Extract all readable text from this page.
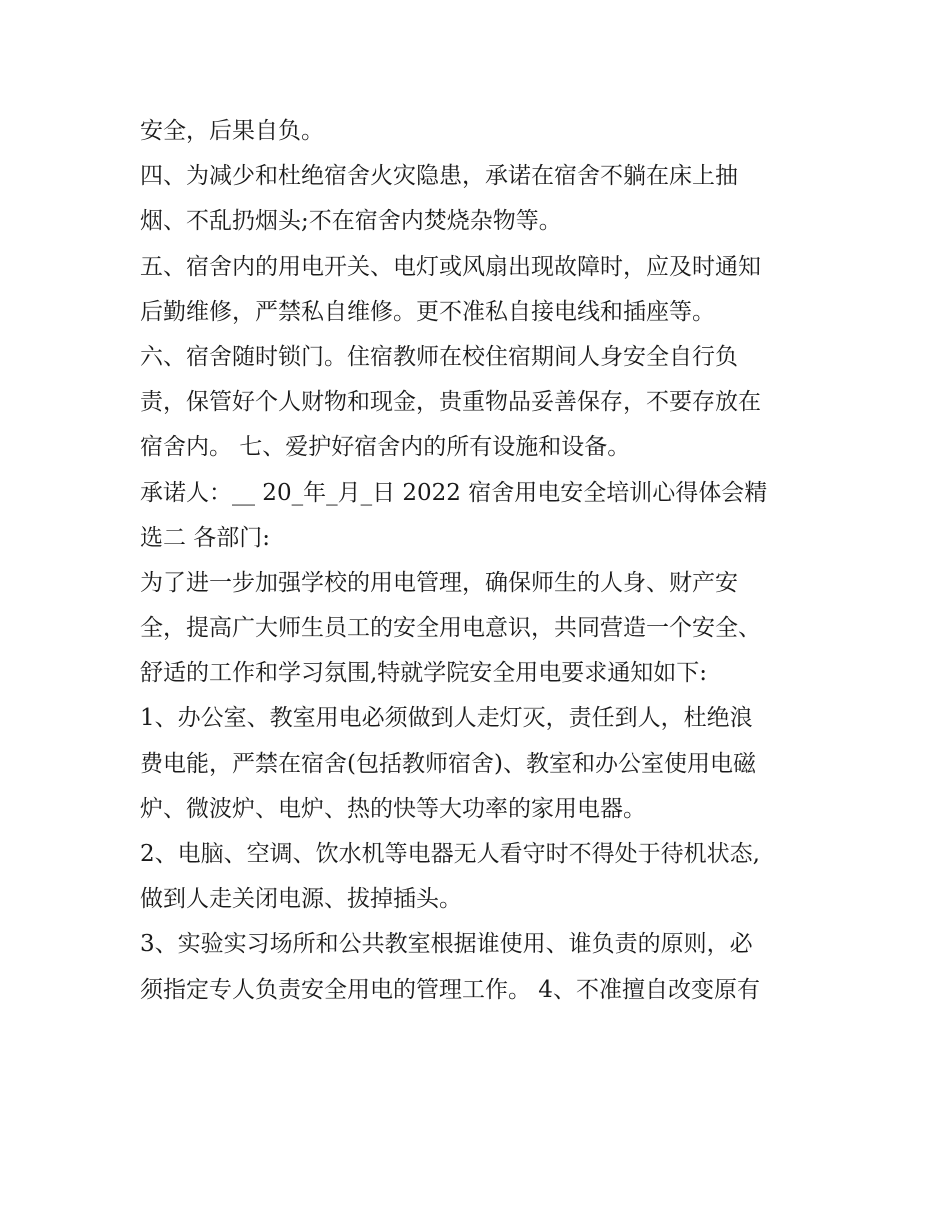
安全，后果自负。
四、为减少和杜绝宿舍火灾隐患，承诺在宿舍不躺在床上抽
烟、不乱扔烟头;不在宿舍内焚烧杂物等。
五、宿舍内的用电开关、电灯或风扇出现故障时，应及时通知
后勤维修，严禁私自维修。更不准私自接电线和插座等。
六、宿舍随时锁门。住宿教师在校住宿期间人身安全自行负
责，保管好个人财物和现金，贵重物品妥善保存，不要存放在
宿舍内。 七、爱护好宿舍内的所有设施和设备。
承诺人：__ 20_年_月_日 2022 宿舍用电安全培训心得体会精
选二 各部门:
为了进一步加强学校的用电管理，确保师生的人身、财产安
全，提高广大师生员工的安全用电意识，共同营造一个安全、
舒适的工作和学习氛围,特就学院安全用电要求通知如下:
1、办公室、教室用电必须做到人走灯灭，责任到人，杜绝浪
费电能，严禁在宿舍(包括教师宿舍)、教室和办公室使用电磁
炉、微波炉、电炉、热的快等大功率的家用电器。
2、电脑、空调、饮水机等电器无人看守时不得处于待机状态,
做到人走关闭电源、拔掉插头。
3、实验实习场所和公共教室根据谁使用、谁负责的原则，必
须指定专人负责安全用电的管理工作。 4、不准擅自改变原有
